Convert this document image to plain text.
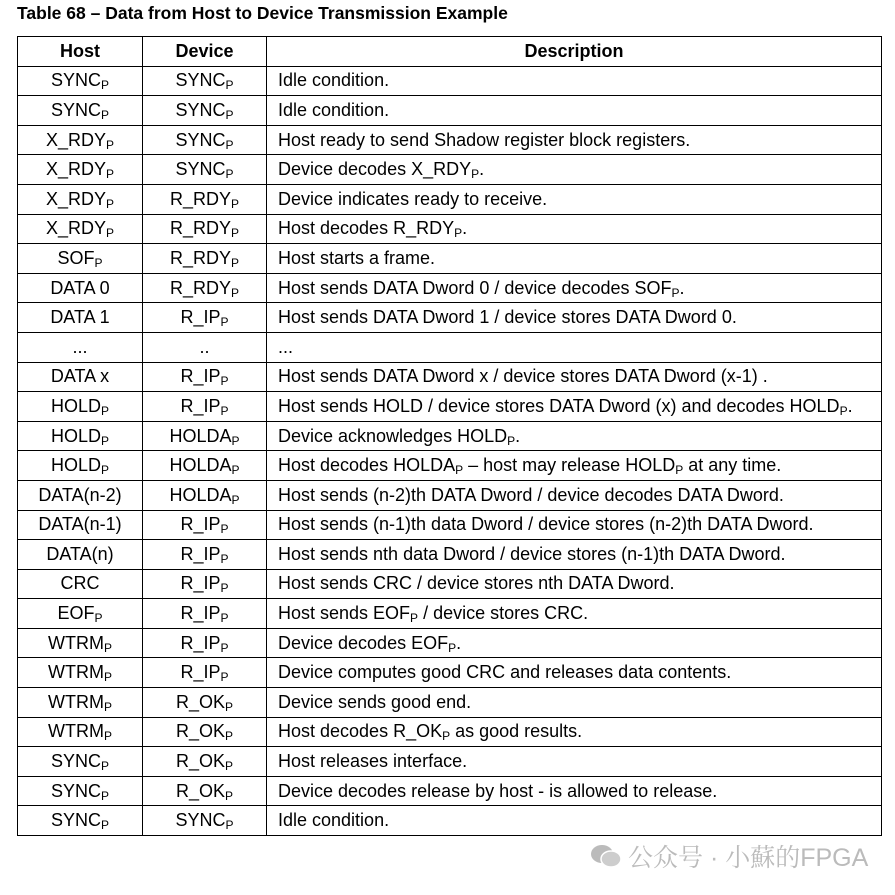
Table 68 – Data from Host to Device Transmission Example
Host	Device	Description
$SYNC_P$	$SYNC_P$	Idle condition.
$SYNC_P$	$SYNC_P$	Idle condition.
$X\_RDY_P$	$SYNC_P$	Host ready to send Shadow register block registers.
$X\_RDY_P$	$SYNC_P$	Device decodes $X\_RDY_P$.
$X\_RDY_P$	$R\_RDY_P$	Device indicates ready to receive.
$X\_RDY_P$	$R\_RDY_P$	Host decodes $R\_RDY_P$.
$SOF_P$	$R\_RDY_P$	Host starts a frame.
DATA 0	$R\_RDY_P$	Host sends DATA Dword 0 / device decodes $SOF_P$.
DATA 1	$R\_IP_P$	Host sends DATA Dword 1 / device stores DATA Dword 0.
...	..	...
DATA x	$R\_IP_P$	Host sends DATA Dword x / device stores DATA Dword (x-1) .
$HOLD_P$	$R\_IP_P$	Host sends HOLD / device stores DATA Dword (x) and decodes $HOLD_P$.
$HOLD_P$	$HOLDA_P$	Device acknowledges $HOLD_P$.
$HOLD_P$	$HOLDA_P$	Host decodes $HOLDA_P$ – host may release $HOLD_P$ at any time.
DATA(n-2)	$HOLDA_P$	Host sends (n-2)th DATA Dword / device decodes DATA Dword.
DATA(n-1)	$R\_IP_P$	Host sends (n-1)th data Dword / device stores (n-2)th DATA Dword.
DATA(n)	$R\_IP_P$	Host sends nth data Dword / device stores (n-1)th DATA Dword.
CRC	$R\_IP_P$	Host sends CRC / device stores nth DATA Dword.
$EOF_P$	$R\_IP_P$	Host sends $EOF_P$ / device stores CRC.
$WTRM_P$	$R\_IP_P$	Device decodes $EOF_P$.
$WTRM_P$	$R\_IP_P$	Device computes good CRC and releases data contents.
$WTRM_P$	$R\_OK_P$	Device sends good end.
$WTRM_P$	$R\_OK_P$	Host decodes $R\_OK_P$ as good results.
$SYNC_P$	$R\_OK_P$	Host releases interface.
$SYNC_P$	$R\_OK_P$	Device decodes release by host - is allowed to release.
$SYNC_P$	$SYNC_P$	Idle condition.
公众号 · 小蘇的FPGA
